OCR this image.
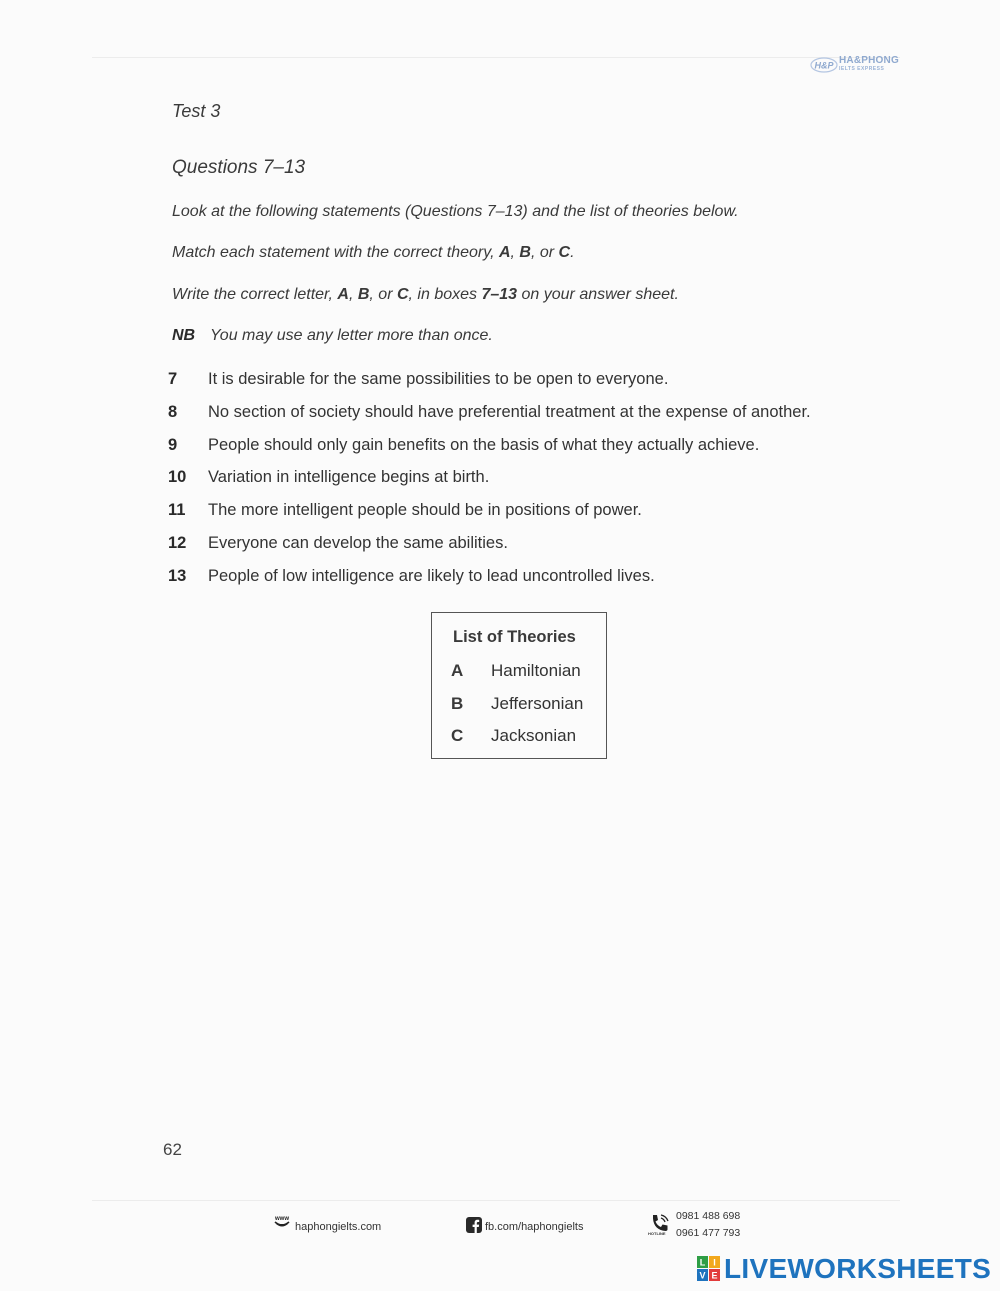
H&P HA&PHONG
IELTS EXPRESS
Test 3
Questions 7–13
Look at the following statements (Questions 7–13) and the list of theories below.
Match each statement with the correct theory, A, B, or C.
Write the correct letter, A, B, or C, in boxes 7–13 on your answer sheet.
NB You may use any letter more than once.
7 It is desirable for the same possibilities to be open to everyone.
8 No section of society should have preferential treatment at the expense of another.
9 People should only gain benefits on the basis of what they actually achieve.
10 Variation in intelligence begins at birth.
11 The more intelligent people should be in positions of power.
12 Everyone can develop the same abilities.
13 People of low intelligence are likely to lead uncontrolled lives.
List of Theories
A Hamiltonian
B Jeffersonian
C Jacksonian
62
www
haphongielts.com	fb.com/haphongielts
HOTLINE
0981 488 698
0961 477 793
L I
V E LIVEWORKSHEETS
